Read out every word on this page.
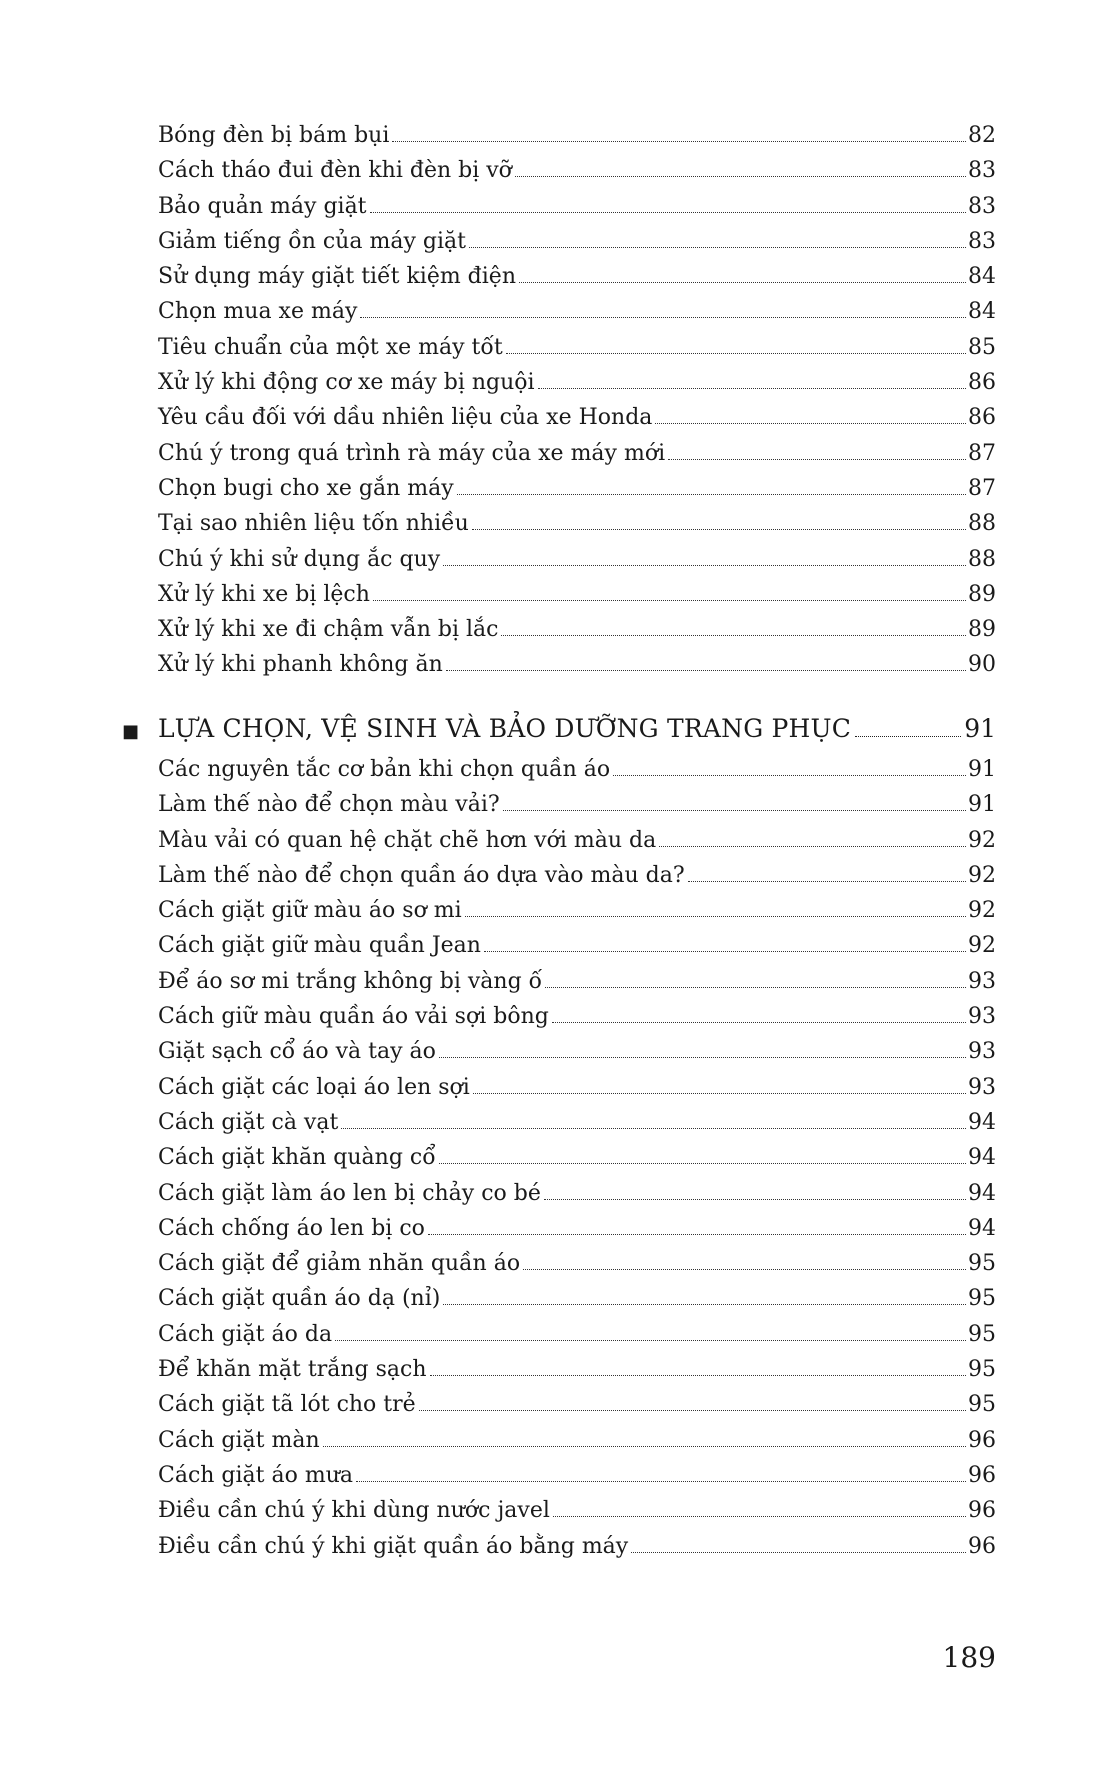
Bóng đèn bị bám bụi	82
Cách tháo đui đèn khi đèn bị vỡ	83
Bảo quản máy giặt	83
Giảm tiếng ồn của máy giặt	83
Sử dụng máy giặt tiết kiệm điện	84
Chọn mua xe máy	84
Tiêu chuẩn của một xe máy tốt	85
Xử lý khi động cơ xe máy bị nguội	86
Yêu cầu đối với dầu nhiên liệu của xe Honda	86
Chú ý trong quá trình rà máy của xe máy mới	87
Chọn bugi cho xe gắn máy	87
Tại sao nhiên liệu tốn nhiều	88
Chú ý khi sử dụng ắc quy	88
Xử lý khi xe bị lệch	89
Xử lý khi xe đi chậm vẫn bị lắc	89
Xử lý khi phanh không ăn	90
■ LỰA CHỌN, VỆ SINH VÀ BẢO DƯỠNG TRANG PHỤC	91
Các nguyên tắc cơ bản khi chọn quần áo	91
Làm thế nào để chọn màu vải?	91
Màu vải có quan hệ chặt chẽ hơn với màu da	92
Làm thế nào để chọn quần áo dựa vào màu da?	92
Cách giặt giữ màu áo sơ mi	92
Cách giặt giữ màu quần Jean	92
Để áo sơ mi trắng không bị vàng ố	93
Cách giữ màu quần áo vải sợi bông	93
Giặt sạch cổ áo và tay áo	93
Cách giặt các loại áo len sợi	93
Cách giặt cà vạt	94
Cách giặt khăn quàng cổ	94
Cách giặt làm áo len bị chảy co bé	94
Cách chống áo len bị co	94
Cách giặt để giảm nhăn quần áo	95
Cách giặt quần áo dạ (nỉ)	95
Cách giặt áo da	95
Để khăn mặt trắng sạch	95
Cách giặt tã lót cho trẻ	95
Cách giặt màn	96
Cách giặt áo mưa	96
Điều cần chú ý khi dùng nước javel	96
Điều cần chú ý khi giặt quần áo bằng máy	96
189
